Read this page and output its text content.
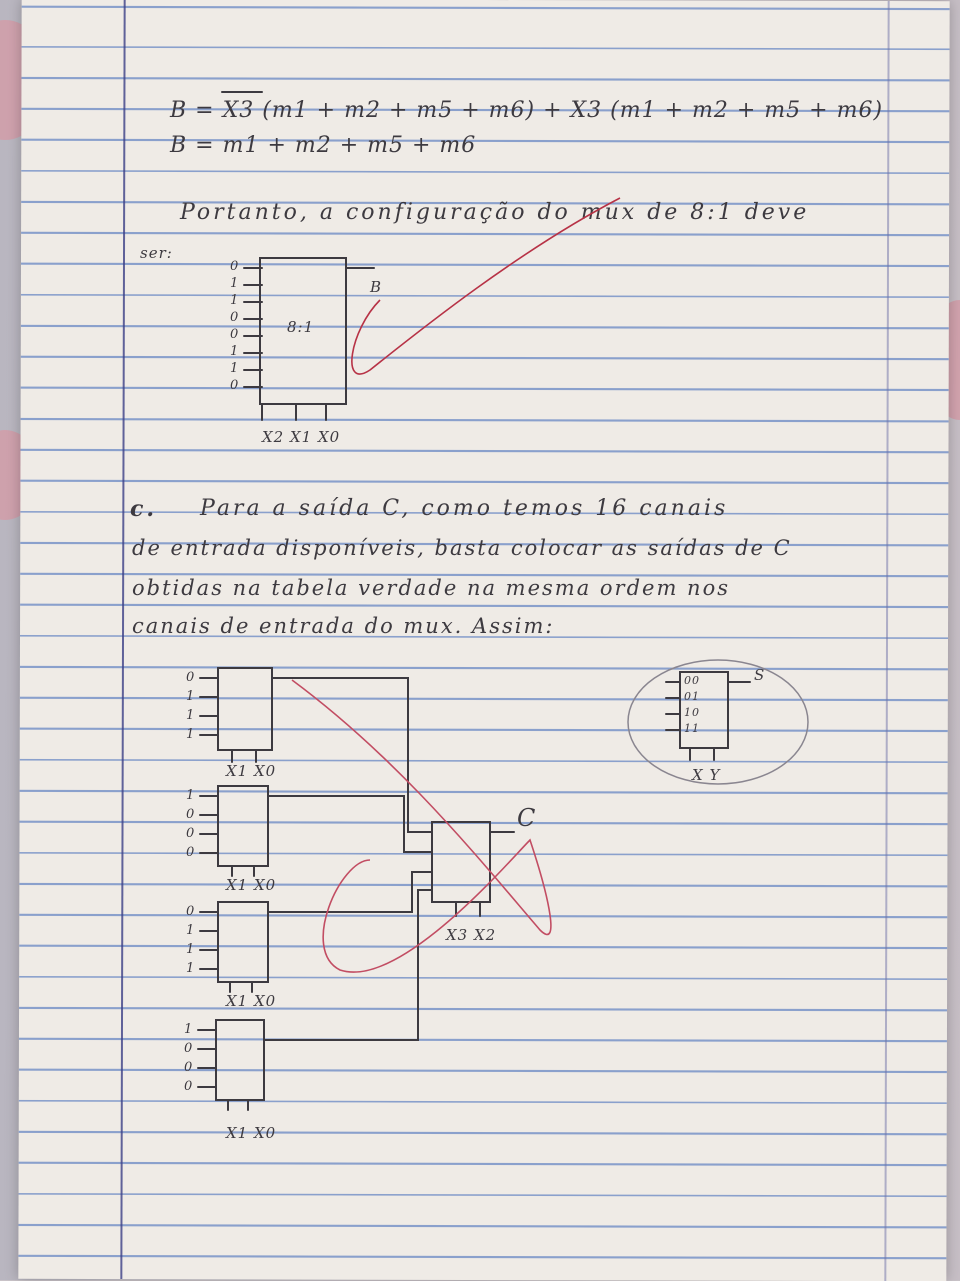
B = X3 (m1 + m2 + m5 + m6) + X3 (m1 + m2 + m5 + m6)
B = m1 + m2 + m5 + m6
Portanto, a configuração do mux de 8:1 deve
ser:
8:1
B
X2 X1 X0
0
1
1
0
0
1
1
0
c. Para a saída C, como temos 16 canais
de entrada disponíveis, basta colocar as saídas de C
obtidas na tabela verdade na mesma ordem nos
canais de entrada do mux. Assim:
0
1
1
1
X1 X0
1
0
0
0
X1 X0
0
1
1
1
X1 X0
1
0
0
0
X1 X0
C
X3 X2
00
01
10
11
S
X Y
